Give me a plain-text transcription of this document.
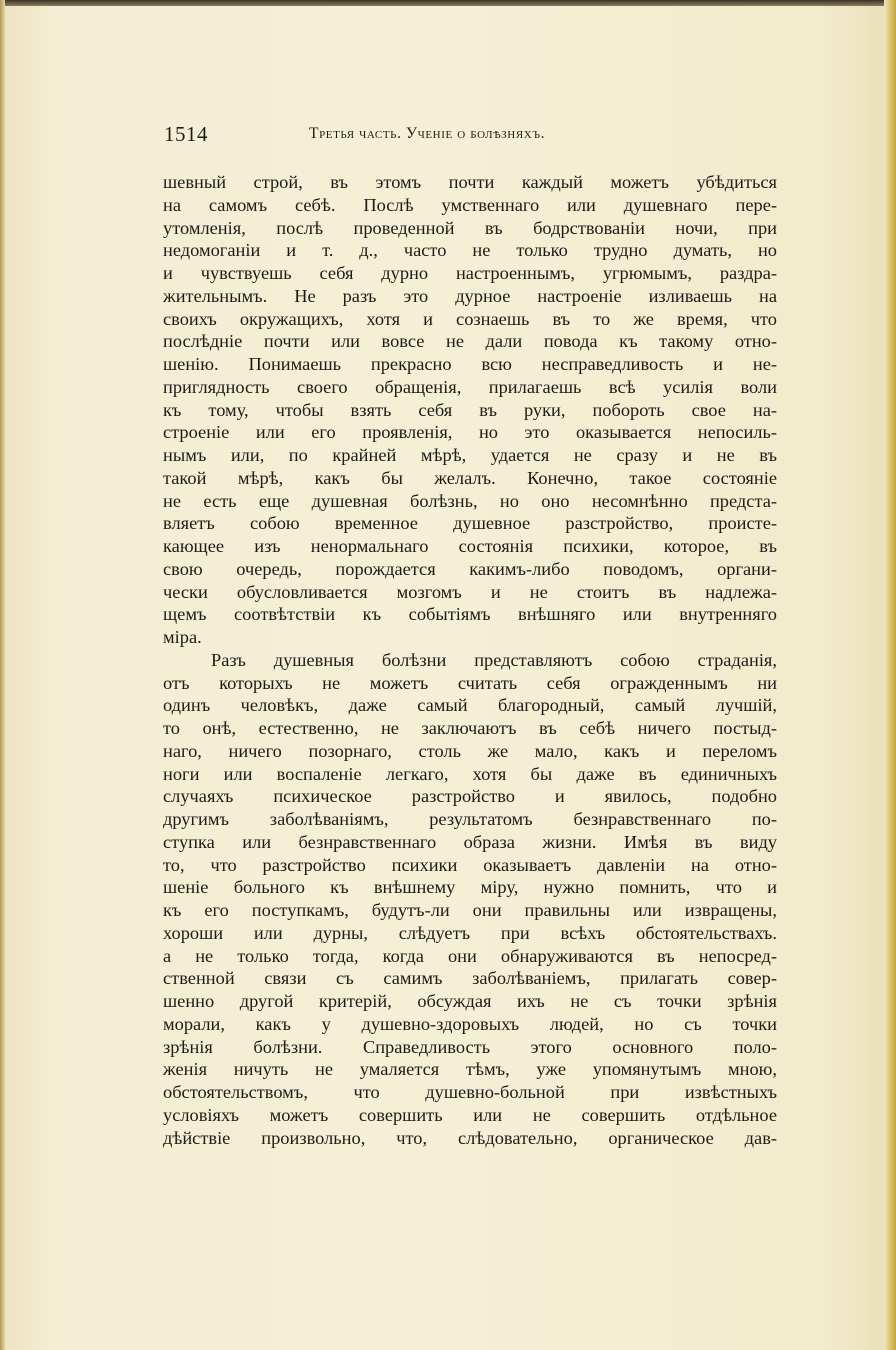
1514	Третья часть. Ученіе о болѣзняхъ.
шевный строй, въ этомъ почти каждый можетъ убѣдиться
на самомъ себѣ. Послѣ умственнаго или душевнаго пере-
утомленія, послѣ проведенной въ бодрствованіи ночи, при
недомоганіи и т. д., часто не только трудно думать, но
и чувствуешь себя дурно настроеннымъ, угрюмымъ, раздра-
жительнымъ. Не разъ это дурное настроеніе изливаешь на
своихъ окружащихъ, хотя и сознаешь въ то же время, что
послѣдніе почти или вовсе не дали повода къ такому отно-
шенію. Понимаешь прекрасно всю несправедливость и не-
приглядность своего обращенія, прилагаешь всѣ усилія воли
къ тому, чтобы взять себя въ руки, побороть свое на-
строеніе или его проявленія, но это оказывается непосиль-
нымъ или, по крайней мѣрѣ, удается не сразу и не въ
такой мѣрѣ, какъ бы желалъ. Конечно, такое состояніе
не есть еще душевная болѣзнь, но оно несомнѣнно предста-
вляетъ собою временное душевное разстройство, происте-
кающее изъ ненормальнаго состоянія психики, которое, въ
свою очередь, порождается какимъ-либо поводомъ, органи-
чески обусловливается мозгомъ и не стоитъ въ надлежа-
щемъ соотвѣтствіи къ событіямъ внѣшняго или внутренняго
міра.
Разъ душевныя болѣзни представляютъ собою страданія,
отъ которыхъ не можетъ считать себя огражденнымъ ни
одинъ человѣкъ, даже самый благородный, самый лучшій,
то онѣ, естественно, не заключаютъ въ себѣ ничего постыд-
наго, ничего позорнаго, столь же мало, какъ и переломъ
ноги или воспаленіе легкаго, хотя бы даже въ единичныхъ
случаяхъ психическое разстройство и явилось, подобно
другимъ заболѣваніямъ, результатомъ безнравственнаго по-
ступка или безнравственнаго образа жизни. Имѣя въ виду
то, что разстройство психики оказываетъ давленіи на отно-
шеніе больного къ внѣшнему міру, нужно помнить, что и
къ его поступкамъ, будутъ-ли они правильны или извращены,
хороши или дурны, слѣдуетъ при всѣхъ обстоятельствахъ.
а не только тогда, когда они обнаруживаются въ непосред-
ственной связи съ самимъ заболѣваніемъ, прилагать совер-
шенно другой критерій, обсуждая ихъ не съ точки зрѣнія
морали, какъ у душевно-здоровыхъ людей, но съ точки
зрѣнія болѣзни. Справедливость этого основного поло-
женія ничуть не умаляется тѣмъ, уже упомянутымъ мною,
обстоятельствомъ, что душевно-больной при извѣстныхъ
условіяхъ можетъ совершить или не совершить отдѣльное
дѣйствіе произвольно, что, слѣдовательно, органическое дав-
